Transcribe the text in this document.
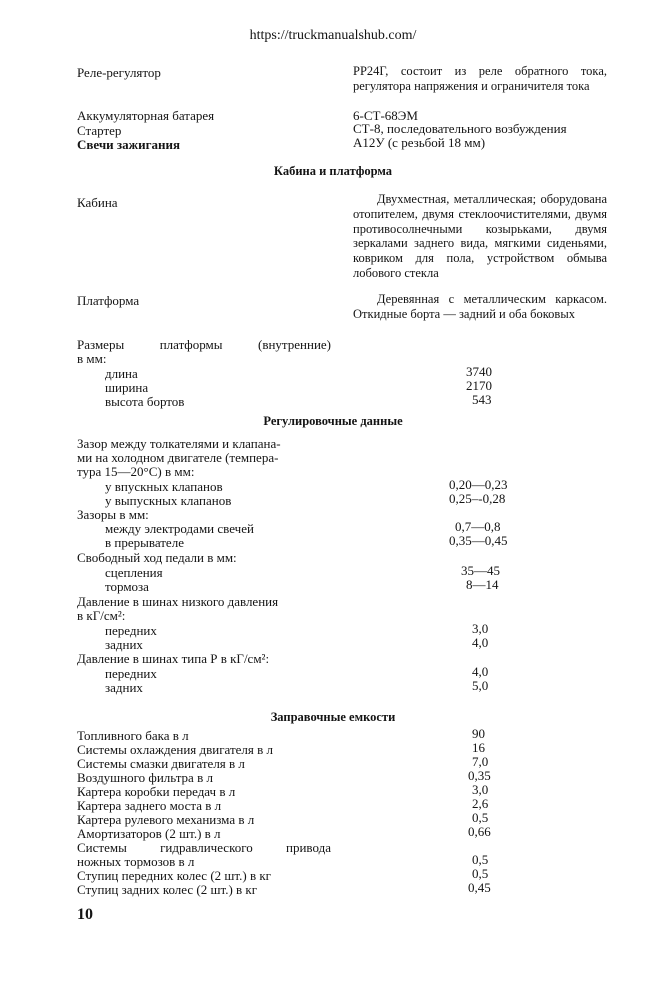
https://truckmanualshub.com/
Реле-регулятор	РР24Г, состоит из реле обратного тока, регулятора напряжения и ограничителя тока
Аккумуляторная батарея	6-СТ-68ЭМ
Стартер	СТ-8, последовательного возбуждения
Свечи зажигания	А12У (с резьбой 18 мм)
Кабина и платформа
Кабина	Двухместная, металлическая; оборудована отопителем, двумя стеклоочистителями, двумя противосолнечными козырьками, двумя зеркалами заднего вида, мягкими сиденьями, ковриком для пола, устройством обмыва лобового стекла
Платформа	Деревянная с металлическим каркасом. Откидные борта — задний и оба боковых
Размеры платформы (внутренние)
в мм:
длина	3740
ширина	2170
высота бортов	543
Регулировочные данные
Зазор между толкателями и клапана-
ми на холодном двигателе (темпера-
тура 15—20°С) в мм:
у впускных клапанов	0,20—0,23
у выпускных клапанов	0,25–-0,28
Зазоры в мм:
между электродами свечей	0,7—0,8
в прерывателе	0,35—0,45
Свободный ход педали в мм:
сцепления	35—45
тормоза	8—14
Давление в шинах низкого давления
в кГ/см²:
передних	3,0
задних	4,0
Давление в шинах типа Р в кГ/см²:
передних	4,0
задних	5,0
Заправочные емкости
Топливного бака в л	90
Системы охлаждения двигателя в л	16
Системы смазки двигателя в л	7,0
Воздушного фильтра в л	0,35
Картера коробки передач в л	3,0
Картера заднего моста в л	2,6
Картера рулевого механизма в л	0,5
Амортизаторов (2 шт.) в л	0,66
Системы гидравлического привода
ножных тормозов в л	0,5
Ступиц передних колес (2 шт.) в кг	0,5
Ступиц задних колес (2 шт.) в кг	0,45
10
